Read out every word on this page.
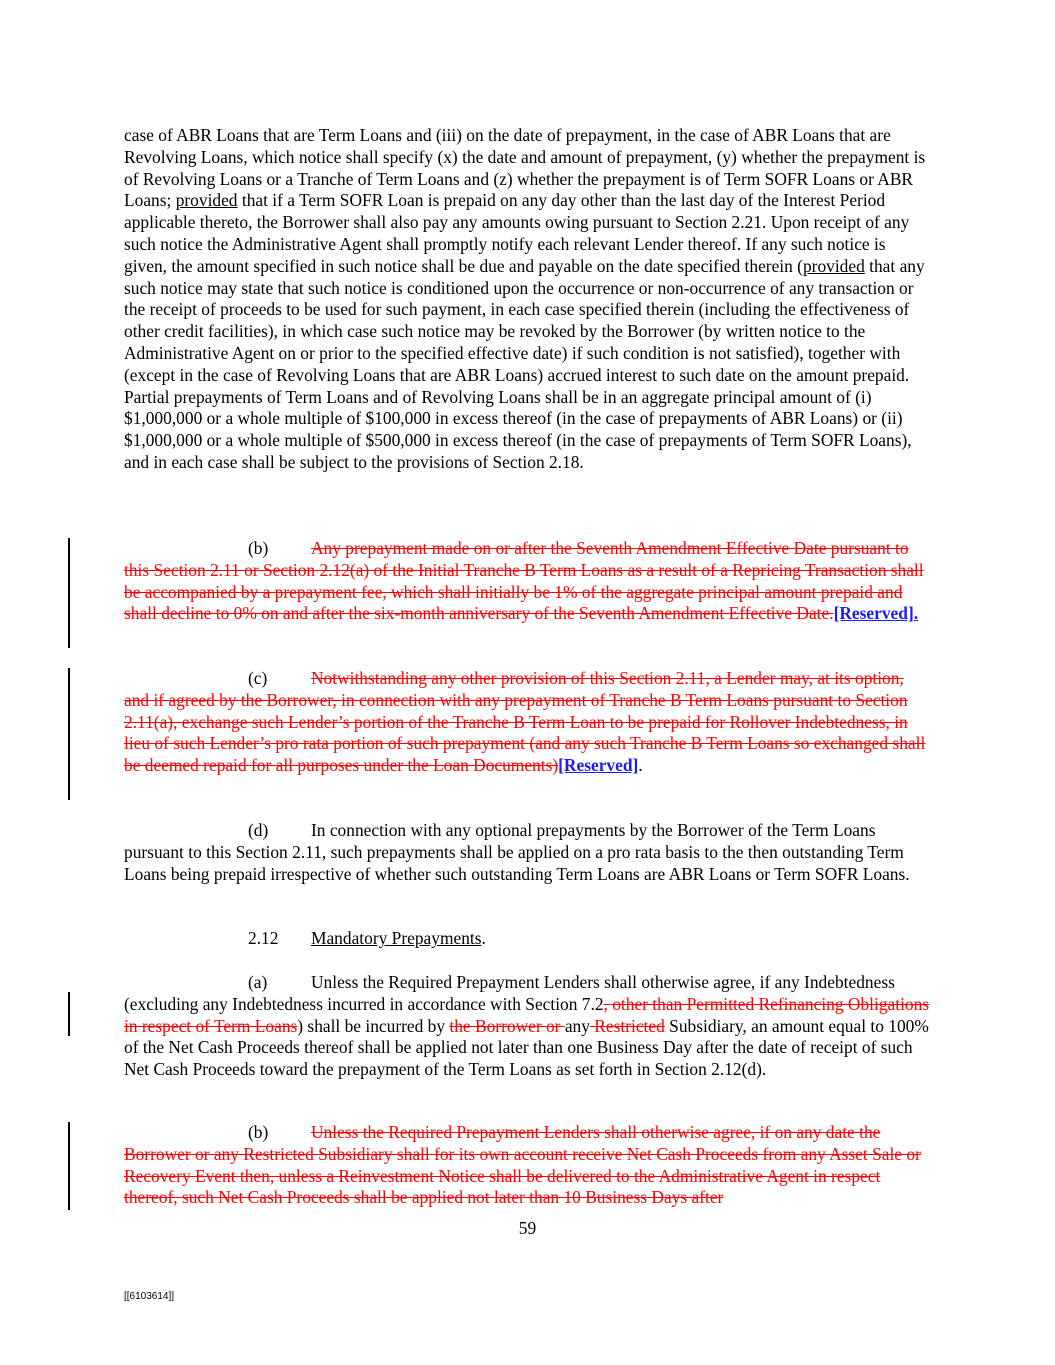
case of ABR Loans that are Term Loans and (iii) on the date of prepayment, in the case of ABR Loans that are Revolving Loans, which notice shall specify (x) the date and amount of prepayment, (y) whether the prepayment is of Revolving Loans or a Tranche of Term Loans and (z) whether the prepayment is of Term SOFR Loans or ABR Loans; provided that if a Term SOFR Loan is prepaid on any day other than the last day of the Interest Period applicable thereto, the Borrower shall also pay any amounts owing pursuant to Section 2.21. Upon receipt of any such notice the Administrative Agent shall promptly notify each relevant Lender thereof. If any such notice is given, the amount specified in such notice shall be due and payable on the date specified therein (provided that any such notice may state that such notice is conditioned upon the occurrence or non-occurrence of any transaction or the receipt of proceeds to be used for such payment, in each case specified therein (including the effectiveness of other credit facilities), in which case such notice may be revoked by the Borrower (by written notice to the Administrative Agent on or prior to the specified effective date) if such condition is not satisfied), together with (except in the case of Revolving Loans that are ABR Loans) accrued interest to such date on the amount prepaid. Partial prepayments of Term Loans and of Revolving Loans shall be in an aggregate principal amount of (i) $1,000,000 or a whole multiple of $100,000 in excess thereof (in the case of prepayments of ABR Loans) or (ii) $1,000,000 or a whole multiple of $500,000 in excess thereof (in the case of prepayments of Term SOFR Loans), and in each case shall be subject to the provisions of Section 2.18.

(b) Any prepayment made on or after the Seventh Amendment Effective Date pursuant to this Section 2.11 or Section 2.12(a) of the Initial Tranche B Term Loans as a result of a Repricing Transaction shall be accompanied by a prepayment fee, which shall initially be 1% of the aggregate principal amount prepaid and shall decline to 0% on and after the six-month anniversary of the Seventh Amendment Effective Date.[Reserved].

(c)	Notwithstanding any other provision of this Section 2.11, a Lender may, at its option, and if agreed by the Borrower, in connection with any prepayment of Tranche B Term Loans pursuant to Section 2.11(a), exchange such Lender’s portion of the Tranche B Term Loan to be prepaid for Rollover Indebtedness, in lieu of such Lender’s pro rata portion of such prepayment (and any such Tranche B Term Loans so exchanged shall be deemed repaid for all purposes under the Loan Documents)[Reserved].

(d) In connection with any optional prepayments by the Borrower of the Term Loans pursuant to this Section 2.11, such prepayments shall be applied on a pro rata basis to the then outstanding Term Loans being prepaid irrespective of whether such outstanding Term Loans are ABR Loans or Term SOFR Loans.

2.12 Mandatory Prepayments.

(a)	Unless the Required Prepayment Lenders shall otherwise agree, if any Indebtedness (excluding any Indebtedness incurred in accordance with Section 7.2, other than Permitted Refinancing Obligations in respect of Term Loans) shall be incurred by the Borrower or any Restricted Subsidiary, an amount equal to 100% of the Net Cash Proceeds thereof shall be applied not later than one Business Day after the date of receipt of such Net Cash Proceeds toward the prepayment of the Term Loans as set forth in Section 2.12(d).

(b) Unless the Required Prepayment Lenders shall otherwise agree, if on any date the Borrower or any Restricted Subsidiary shall for its own account receive Net Cash Proceeds from any Asset Sale or Recovery Event then, unless a Reinvestment Notice shall be delivered to the Administrative Agent in respect thereof, such Net Cash Proceeds shall be applied not later than 10 Business Days after

59
[[6103614]]
